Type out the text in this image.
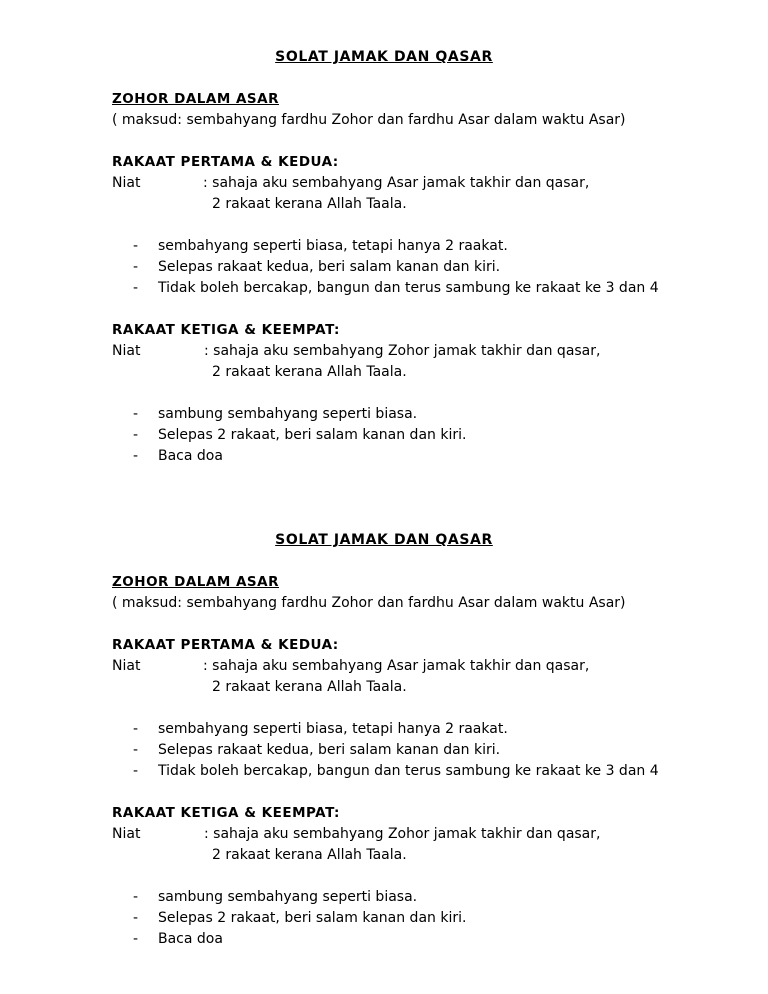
SOLAT JAMAK DAN QASAR
ZOHOR DALAM ASAR
( maksud: sembahyang fardhu Zohor dan fardhu Asar dalam waktu Asar)
RAKAAT PERTAMA & KEDUA:
Niat	: sahaja aku sembahyang Asar jamak takhir dan qasar,
2 rakaat kerana Allah Taala.
- sembahyang seperti biasa, tetapi hanya 2 raakat.
- Selepas rakaat kedua, beri salam kanan dan kiri.
- Tidak boleh bercakap, bangun dan terus sambung ke rakaat ke 3 dan 4
RAKAAT KETIGA & KEEMPAT:
Niat	: sahaja aku sembahyang Zohor jamak takhir dan qasar,
2 rakaat kerana Allah Taala.
- sambung sembahyang seperti biasa.
- Selepas 2 rakaat, beri salam kanan dan kiri.
- Baca doa
SOLAT JAMAK DAN QASAR
ZOHOR DALAM ASAR
( maksud: sembahyang fardhu Zohor dan fardhu Asar dalam waktu Asar)
RAKAAT PERTAMA & KEDUA:
Niat	: sahaja aku sembahyang Asar jamak takhir dan qasar,
2 rakaat kerana Allah Taala.
- sembahyang seperti biasa, tetapi hanya 2 raakat.
- Selepas rakaat kedua, beri salam kanan dan kiri.
- Tidak boleh bercakap, bangun dan terus sambung ke rakaat ke 3 dan 4
RAKAAT KETIGA & KEEMPAT:
Niat	: sahaja aku sembahyang Zohor jamak takhir dan qasar,
2 rakaat kerana Allah Taala.
- sambung sembahyang seperti biasa.
- Selepas 2 rakaat, beri salam kanan dan kiri.
- Baca doa
